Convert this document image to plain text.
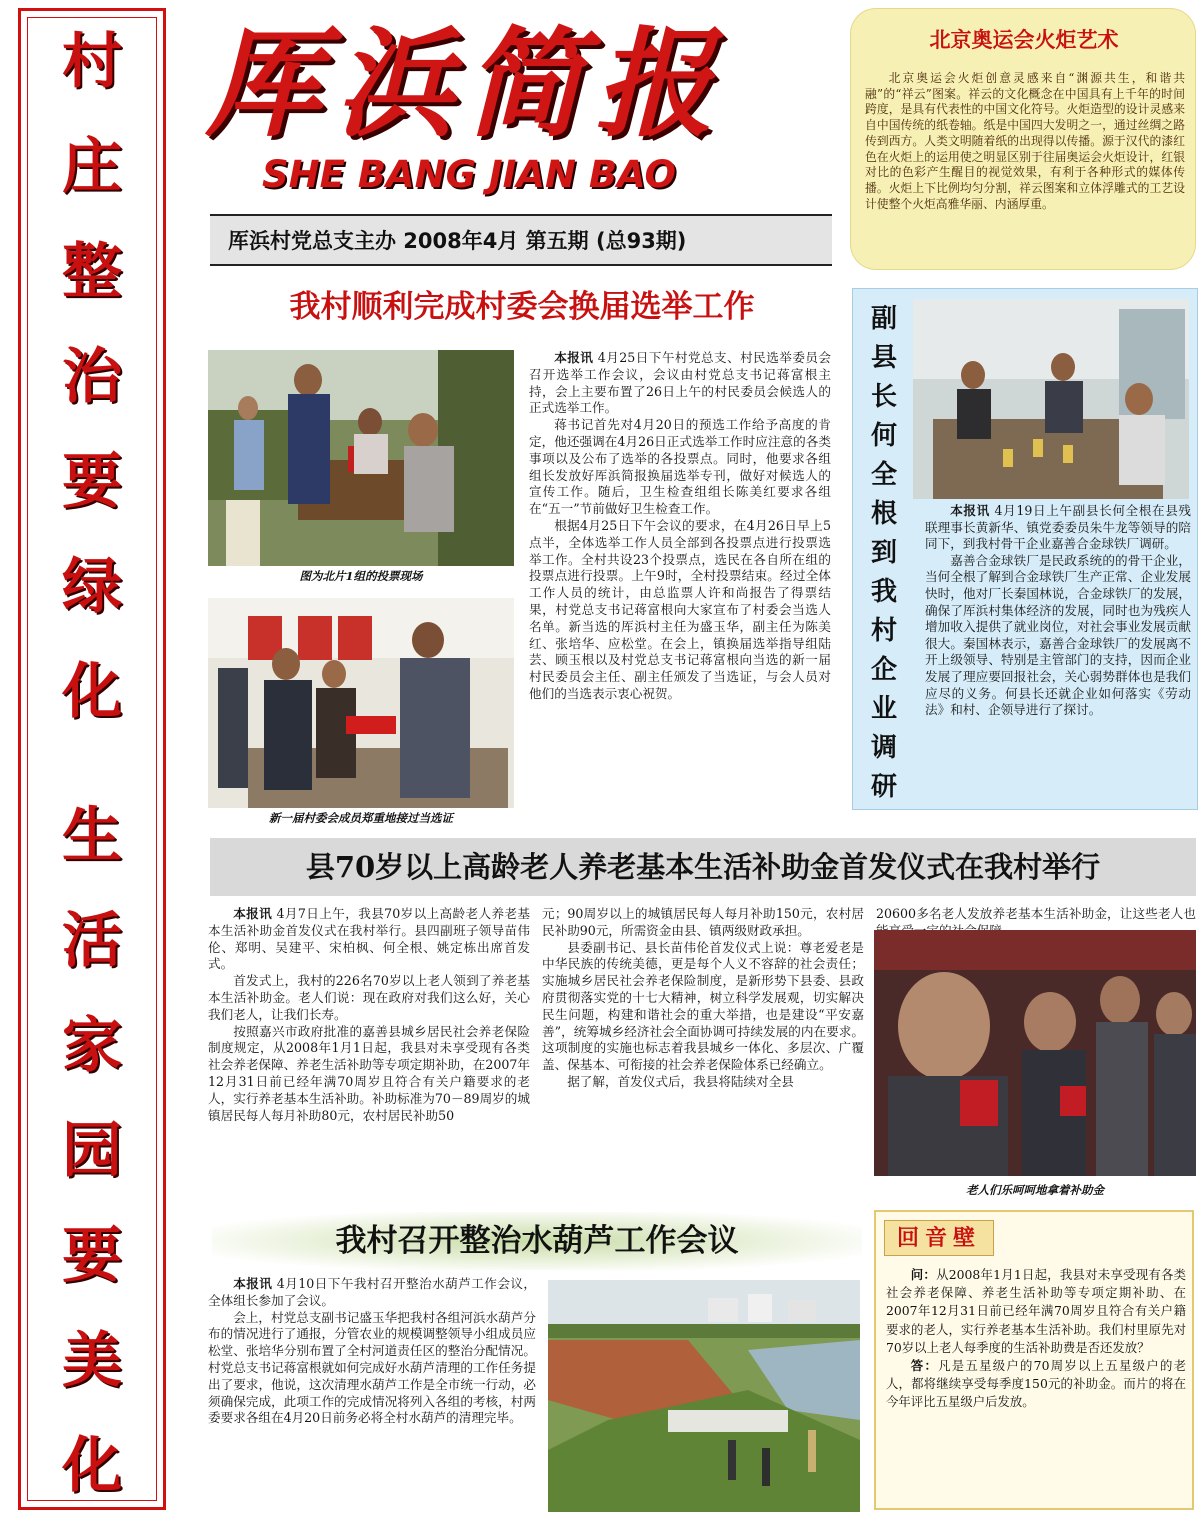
村
庄
整
治
要
绿
化
生
活
家
园
要
美
化
厍浜简报
SHE BANG JIAN BAO
厍浜村党总支主办 2008年4月 第五期 (总93期)
北京奥运会火炬艺术
北京奥运会火炬创意灵感来自“渊源共生，和谐共融”的“祥云”图案。祥云的文化概念在中国具有上千年的时间跨度，是具有代表性的中国文化符号。火炬造型的设计灵感来自中国传统的纸卷轴。纸是中国四大发明之一，通过丝绸之路传到西方。人类文明随着纸的出现得以传播。源于汉代的漆红色在火炬上的运用使之明显区别于往届奥运会火炬设计，红银对比的色彩产生醒目的视觉效果，有利于各种形式的媒体传播。火炬上下比例均匀分割，祥云图案和立体浮雕式的工艺设计使整个火炬高雅华丽、内涵厚重。
我村顺利完成村委会换届选举工作
图为北片1组的投票现场
新一届村委会成员郑重地接过当选证

本报讯 4月25日下午村党总支、村民选举委员会召开选举工作会议，会议由村党总支书记蒋富根主持，会上主要布置了26日上午的村民委员会候选人的正式选举工作。

蒋书记首先对4月20日的预选工作给予高度的肯定，他还强调在4月26日正式选举工作时应注意的各类事项以及公布了选举的各投票点。同时，他要求各组组长发放好厍浜简报换届选举专刊，做好对候选人的宣传工作。随后，卫生检查组组长陈美红要求各组在“五一”节前做好卫生检查工作。

根据4月25日下午会议的要求，在4月26日早上5点半，全体选举工作人员全部到各投票点进行投票选举工作。全村共设23个投票点，选民在各自所在组的投票点进行投票。上午9时，全村投票结束。经过全体工作人员的统计，由总监票人许和尚报告了得票结果，村党总支书记蒋富根向大家宣布了村委会当选人名单。新当选的厍浜村主任为盛玉华，副主任为陈美红、张培华、应松堂。在会上，镇换届选举指导组陆芸、顾玉根以及村党总支书记蒋富根向当选的新一届村民委员会主任、副主任颁发了当选证，与会人员对他们的当选表示衷心祝贺。

副
县
长
何
全
根
到
我
村
企
业
调
研

本报讯 4月19日上午副县长何全根在县残联理事长黄新华、镇党委委员朱牛龙等领导的陪同下，到我村骨干企业嘉善合金球铁厂调研。

嘉善合金球铁厂是民政系统的的骨干企业，当何全根了解到合金球铁厂生产正常、企业发展快时，他对厂长秦国林说，合金球铁厂的发展，确保了厍浜村集体经济的发展，同时也为残疾人增加收入提供了就业岗位，对社会事业发展贡献很大。秦国林表示，嘉善合金球铁厂的发展离不开上级领导、特别是主管部门的支持，因而企业发展了理应要回报社会，关心弱势群体也是我们应尽的义务。何县长还就企业如何落实《劳动法》和村、企领导进行了探讨。

县70岁以上高龄老人养老基本生活补助金首发仪式在我村举行

本报讯 4月7日上午，我县70岁以上高龄老人养老基本生活补助金首发仪式在我村举行。县四副班子领导苗伟伦、郑明、吴建平、宋柏枫、何全根、姚定栋出席首发式。

首发式上，我村的226名70岁以上老人领到了养老基本生活补助金。老人们说：现在政府对我们这么好，关心我们老人，让我们长寿。

按照嘉兴市政府批准的嘉善县城乡居民社会养老保险制度规定，从2008年1月1日起，我县对未享受现有各类社会养老保障、养老生活补助等专项定期补助，在2007年12月31日前已经年满70周岁且符合有关户籍要求的老人，实行养老基本生活补助。补助标准为70－89周岁的城镇居民每人每月补助80元，农村居民补助50

元；90周岁以上的城镇居民每人每月补助150元，农村居民补助90元，所需资金由县、镇两级财政承担。

县委副书记、县长苗伟伦首发仪式上说：尊老爱老是中华民族的传统美德，更是每个人义不容辞的社会责任；实施城乡居民社会养老保险制度，是新形势下县委、县政府贯彻落实党的十七大精神，树立科学发展观，切实解决民生问题，构建和谐社会的重大举措，也是建设“平安嘉善”，统筹城乡经济社会全面协调可持续发展的内在要求。这项制度的实施也标志着我县城乡一体化、多层次、广覆盖、保基本、可衔接的社会养老保险体系已经确立。

据了解，首发仪式后，我县将陆续对全县

20600多名老人发放养老基本生活补助金，让这些老人也

老人们乐呵呵地拿着补助金
我村召开整治水葫芦工作会议

本报讯 4月10日下午我村召开整治水葫芦工作会议，全体组长参加了会议。

会上，村党总支副书记盛玉华把我村各组河浜水葫芦分布的情况进行了通报，分管农业的规模调整领导小组成员应松堂、张培华分别布置了全村河道责任区的整治分配情况。村党总支书记蒋富根就如何完成好水葫芦清理的工作任务提出了要求，他说，这次清理水葫芦工作是全市统一行动，必须确保完成，此项工作的完成情况将列入各组的考核，村两委要求各组在4月20日前务必将全村水葫芦的清理完毕。

回音壁

问：从2008年1月1日起，我县对未享受现有各类社会养老保障、养老生活补助等专项定期补助、在2007年12月31日前已经年满70周岁且符合有关户籍要求的老人，实行养老基本生活补助。我们村里原先对70岁以上老人每季度的生活补助费是否还发放？

答：凡是五星级户的70周岁以上五星级户的老人，都将继续享受每季度150元的补助金。而片的将在今年评比五星级户后发放。
